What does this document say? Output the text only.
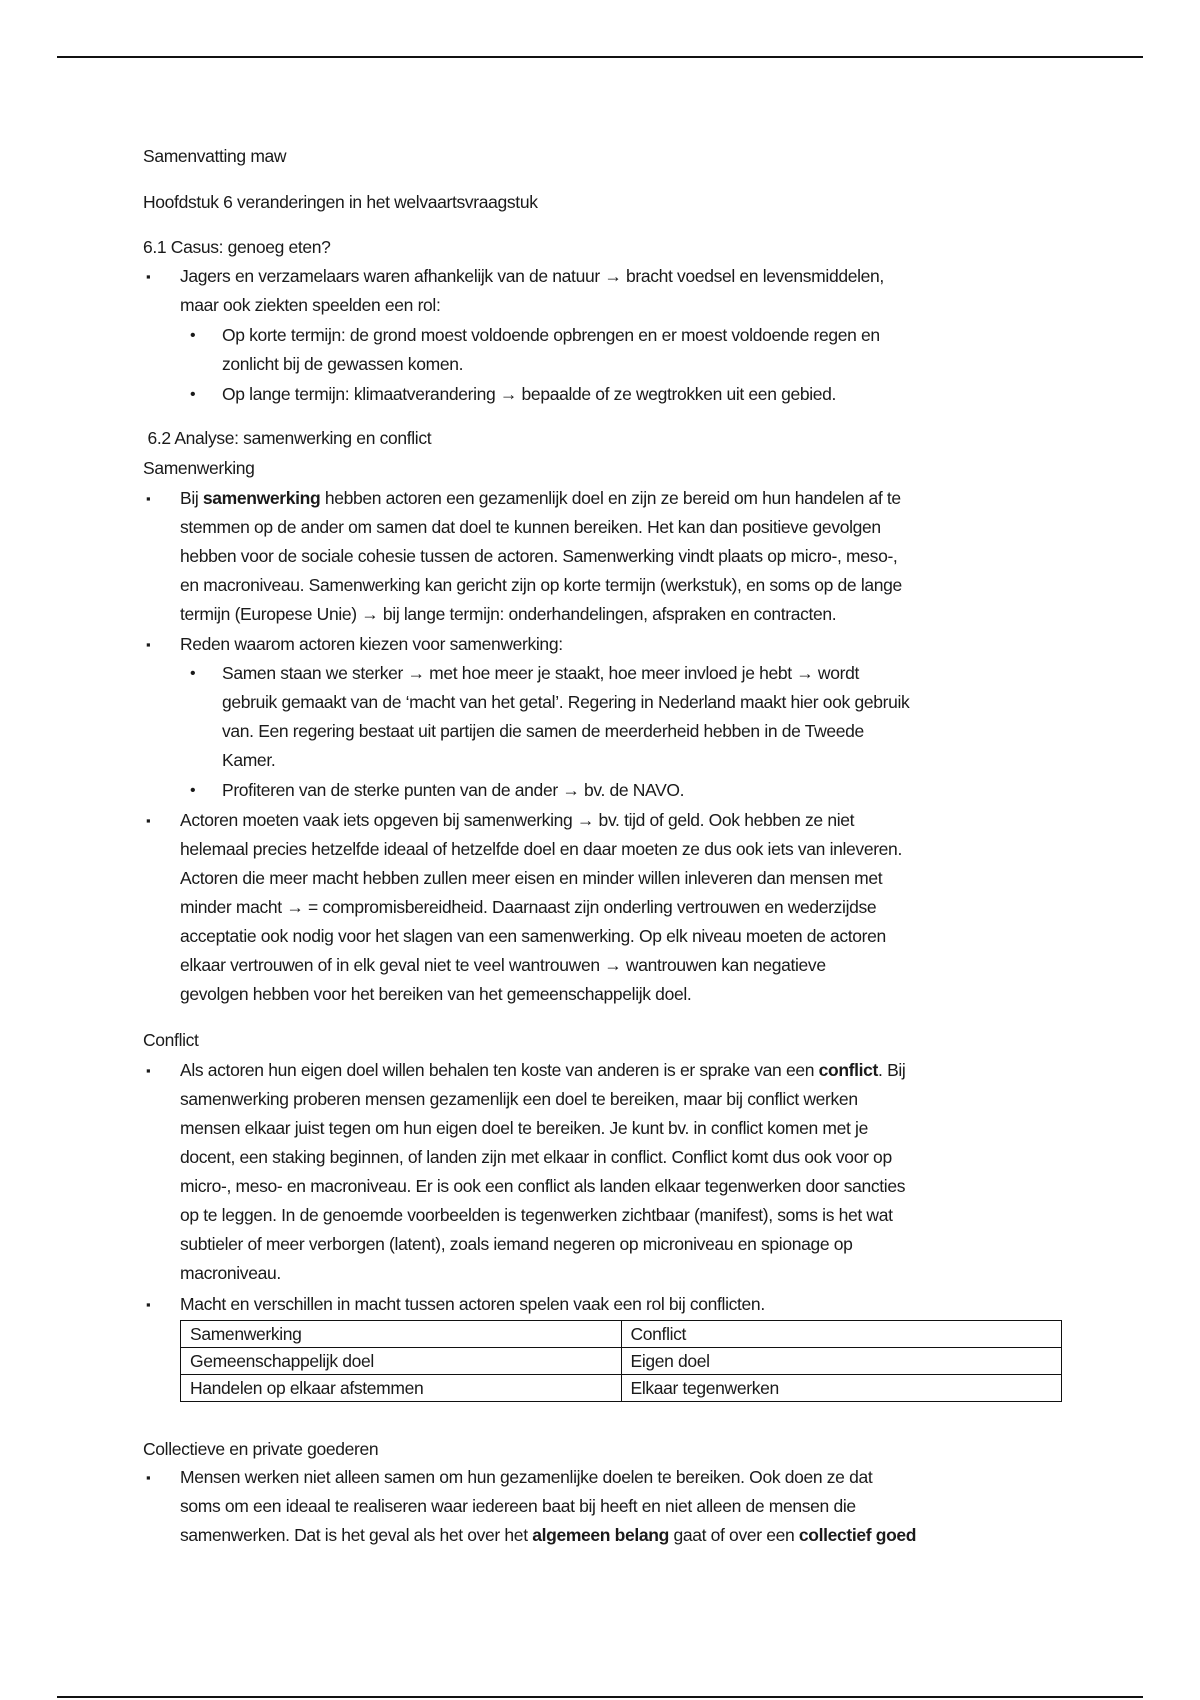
Samenvatting maw
Hoofdstuk 6 veranderingen in het welvaartsvraagstuk
6.1 Casus: genoeg eten?
▪ Jagers en verzamelaars waren afhankelijk van de natuur → bracht voedsel en levensmiddelen,
maar ook ziekten speelden een rol:
• Op korte termijn: de grond moest voldoende opbrengen en er moest voldoende regen en
zonlicht bij de gewassen komen.
• Op lange termijn: klimaatverandering → bepaalde of ze wegtrokken uit een gebied.
6.2 Analyse: samenwerking en conflict
Samenwerking
▪ Bij samenwerking hebben actoren een gezamenlijk doel en zijn ze bereid om hun handelen af te
stemmen op de ander om samen dat doel te kunnen bereiken. Het kan dan positieve gevolgen
hebben voor de sociale cohesie tussen de actoren. Samenwerking vindt plaats op micro-, meso-,
en macroniveau. Samenwerking kan gericht zijn op korte termijn (werkstuk), en soms op de lange
termijn (Europese Unie) → bij lange termijn: onderhandelingen, afspraken en contracten.
▪ Reden waarom actoren kiezen voor samenwerking:
• Samen staan we sterker → met hoe meer je staakt, hoe meer invloed je hebt → wordt
gebruik gemaakt van de ‘macht van het getal’. Regering in Nederland maakt hier ook gebruik
van. Een regering bestaat uit partijen die samen de meerderheid hebben in de Tweede
Kamer.
• Profiteren van de sterke punten van de ander → bv. de NAVO.
▪ Actoren moeten vaak iets opgeven bij samenwerking → bv. tijd of geld. Ook hebben ze niet
helemaal precies hetzelfde ideaal of hetzelfde doel en daar moeten ze dus ook iets van inleveren.
Actoren die meer macht hebben zullen meer eisen en minder willen inleveren dan mensen met
minder macht → = compromisbereidheid. Daarnaast zijn onderling vertrouwen en wederzijdse
acceptatie ook nodig voor het slagen van een samenwerking. Op elk niveau moeten de actoren
elkaar vertrouwen of in elk geval niet te veel wantrouwen → wantrouwen kan negatieve
gevolgen hebben voor het bereiken van het gemeenschappelijk doel.
Conflict
▪ Als actoren hun eigen doel willen behalen ten koste van anderen is er sprake van een conflict. Bij
samenwerking proberen mensen gezamenlijk een doel te bereiken, maar bij conflict werken
mensen elkaar juist tegen om hun eigen doel te bereiken. Je kunt bv. in conflict komen met je
docent, een staking beginnen, of landen zijn met elkaar in conflict. Conflict komt dus ook voor op
micro-, meso- en macroniveau. Er is ook een conflict als landen elkaar tegenwerken door sancties
op te leggen. In de genoemde voorbeelden is tegenwerken zichtbaar (manifest), soms is het wat
subtieler of meer verborgen (latent), zoals iemand negeren op microniveau en spionage op
macroniveau.
▪ Macht en verschillen in macht tussen actoren spelen vaak een rol bij conflicten.
Samenwerking	Conflict
Gemeenschappelijk doel	Eigen doel
Handelen op elkaar afstemmen	Elkaar tegenwerken
Collectieve en private goederen
▪ Mensen werken niet alleen samen om hun gezamenlijke doelen te bereiken. Ook doen ze dat
soms om een ideaal te realiseren waar iedereen baat bij heeft en niet alleen de mensen die
samenwerken. Dat is het geval als het over het algemeen belang gaat of over een collectief goed
